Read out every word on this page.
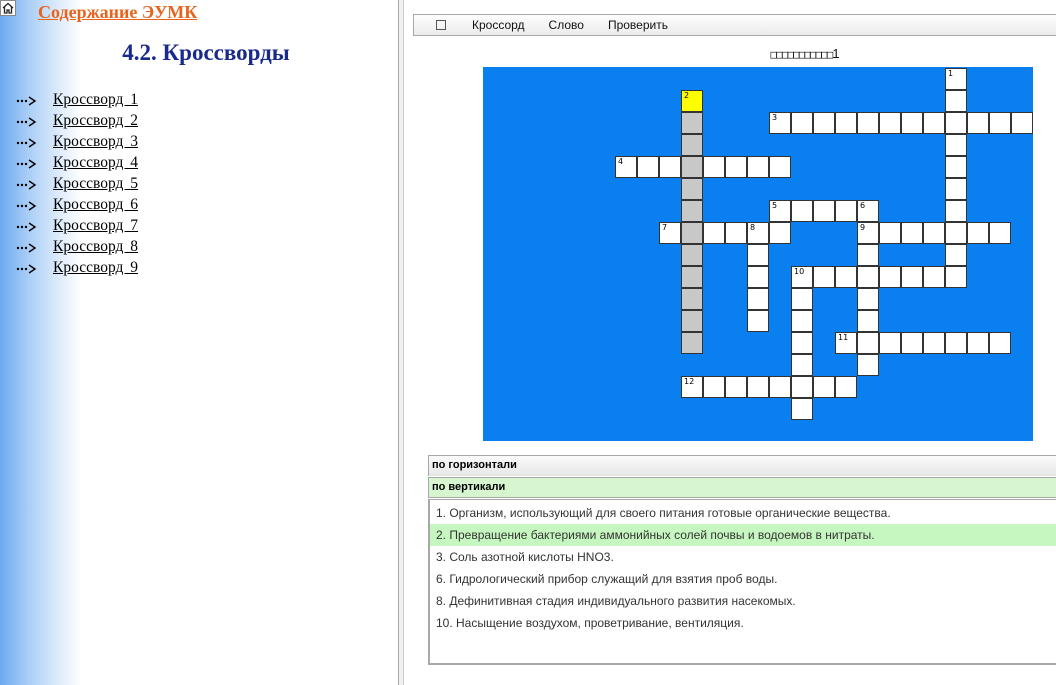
Содержание ЭУМК
4.2. Кроссворды
Кроссворд 1
Кроссворд 2
Кроссворд 3
Кроссворд 4
Кроссворд 5
Кроссворд 6
Кроссворд 7
Кроссворд 8
Кроссворд 9
Кроссорд Слово Проверить
□□□□□□□□□□□1
1
2
3
4
5	6
9
7	8
10
11
12
по горизонтали
по вертикали
1. Организм, использующий для своего питания готовые органические вещества.
2. Превращение бактериями аммонийных солей почвы и водоемов в нитраты.
3. Соль азотной кислоты HNO3.
6. Гидрологический прибор служащий для взятия проб воды.
8. Дефинитивная стадия индивидуального развития насекомых.
10. Насыщение воздухом, проветривание, вентиляция.
